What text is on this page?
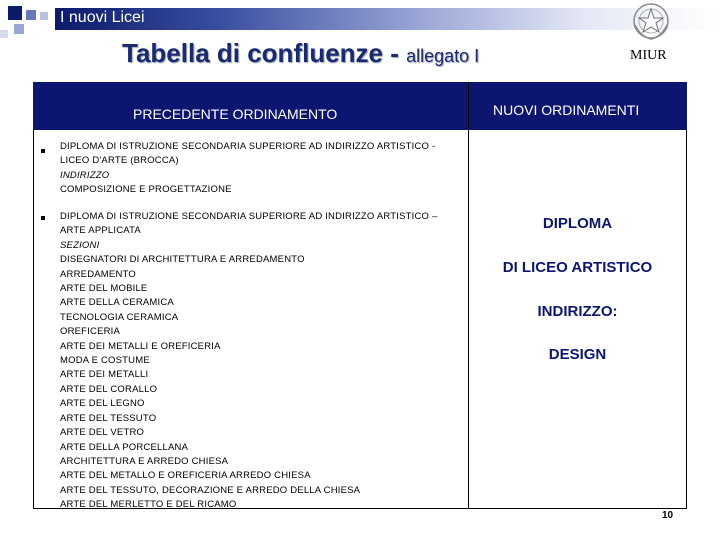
I nuovi Licei
Tabella di confluenze - allegato I	MIUR
PRECEDENTE ORDINAMENTO	NUOVI ORDINAMENTI
DIPLOMA DI ISTRUZIONE SECONDARIA SUPERIORE AD INDIRIZZO ARTISTICO -
LICEO D'ARTE (BROCCA)
INDIRIZZO
COMPOSIZIONE E PROGETTAZIONE
DIPLOMA DI ISTRUZIONE SECONDARIA SUPERIORE AD INDIRIZZO ARTISTICO –
ARTE APPLICATA
SEZIONI
DISEGNATORI DI ARCHITETTURA E ARREDAMENTO
ARREDAMENTO
ARTE DEL MOBILE
ARTE DELLA CERAMICA
TECNOLOGIA CERAMICA
OREFICERIA
ARTE DEI METALLI E OREFICERIA
MODA E COSTUME
ARTE DEI METALLI
ARTE DEL CORALLO
ARTE DEL LEGNO
ARTE DEL TESSUTO
ARTE DEL VETRO
ARTE DELLA PORCELLANA
ARCHITETTURA E ARREDO CHIESA
ARTE DEL METALLO E OREFICERIA ARREDO CHIESA
ARTE DEL TESSUTO, DECORAZIONE E ARREDO DELLA CHIESA
ARTE DEL MERLETTO E DEL RICAMO
DIPLOMA
DI LICEO ARTISTICO
INDIRIZZO:
DESIGN
10
